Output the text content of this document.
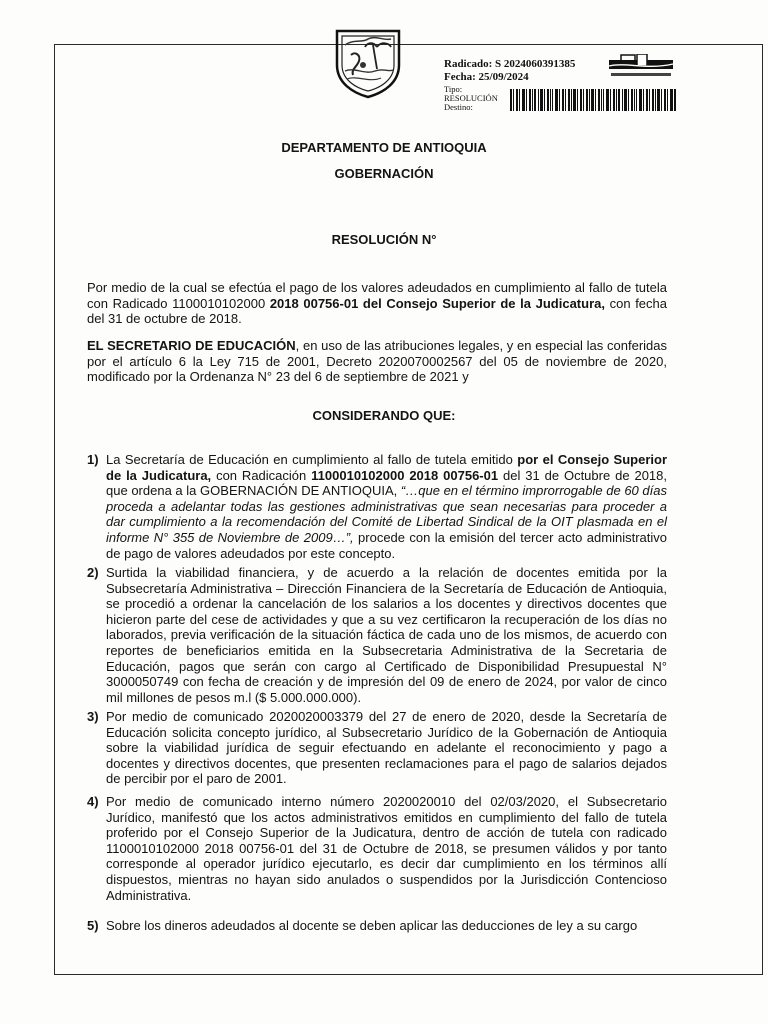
Radicado: S 2024060391385
Fecha: 25/09/2024
Tipo:
RESOLUCIÓN
Destino:
DEPARTAMENTO DE ANTIOQUIA
GOBERNACIÓN
RESOLUCIÓN N°

Por medio de la cual se efectúa el pago de los valores adeudados en cumplimiento al fallo de tutela con Radicado 1100010102000 2018 00756-01 del Consejo Superior de la Judicatura, con fecha del 31 de octubre de 2018.

EL SECRETARIO DE EDUCACIÓN, en uso de las atribuciones legales, y en especial las conferidas por el artículo 6 la Ley 715 de 2001, Decreto 2020070002567 del 05 de noviembre de 2020, modificado por la Ordenanza N° 23 del 6 de septiembre de 2021 y

CONSIDERANDO QUE:
1) La Secretaría de Educación en cumplimiento al fallo de tutela emitido por el Consejo Superior de la Judicatura, con Radicación 1100010102000 2018 00756-01 del 31 de Octubre de 2018, que ordena a la GOBERNACIÓN DE ANTIOQUIA, “…que en el término improrrogable de 60 días proceda a adelantar todas las gestiones administrativas que sean necesarias para proceder a dar cumplimiento a la recomendación del Comité de Libertad Sindical de la OIT plasmada en el informe N° 355 de Noviembre de 2009…”, procede con la emisión del tercer acto administrativo de pago de valores adeudados por este concepto.
2) Surtida la viabilidad financiera, y de acuerdo a la relación de docentes emitida por la Subsecretaría Administrativa – Dirección Financiera de la Secretaría de Educación de Antioquia, se procedió a ordenar la cancelación de los salarios a los docentes y directivos docentes que hicieron parte del cese de actividades y que a su vez certificaron la recuperación de los días no laborados, previa verificación de la situación fáctica de cada uno de los mismos, de acuerdo con reportes de beneficiarios emitida en la Subsecretaria Administrativa de la Secretaria de Educación, pagos que serán con cargo al Certificado de Disponibilidad Presupuestal N° 3000050749 con fecha de creación y de impresión del 09 de enero de 2024, por valor de cinco mil millones de pesos m.l ($ 5.000.000.000).
3) Por medio de comunicado 2020020003379 del 27 de enero de 2020, desde la Secretaría de Educación solicita concepto jurídico, al Subsecretario Jurídico de la Gobernación de Antioquia sobre la viabilidad jurídica de seguir efectuando en adelante el reconocimiento y pago a docentes y directivos docentes, que presenten reclamaciones para el pago de salarios dejados de percibir por el paro de 2001.
4) Por medio de comunicado interno número 2020020010 del 02/03/2020, el Subsecretario Jurídico, manifestó que los actos administrativos emitidos en cumplimiento del fallo de tutela proferido por el Consejo Superior de la Judicatura, dentro de acción de tutela con radicado 1100010102000 2018 00756-01 del 31 de Octubre de 2018, se presumen válidos y por tanto corresponde al operador jurídico ejecutarlo, es decir dar cumplimiento en los términos allí dispuestos, mientras no hayan sido anulados o suspendidos por la Jurisdicción Contencioso Administrativa.
5) Sobre los dineros adeudados al docente se deben aplicar las deducciones de ley a su cargo
